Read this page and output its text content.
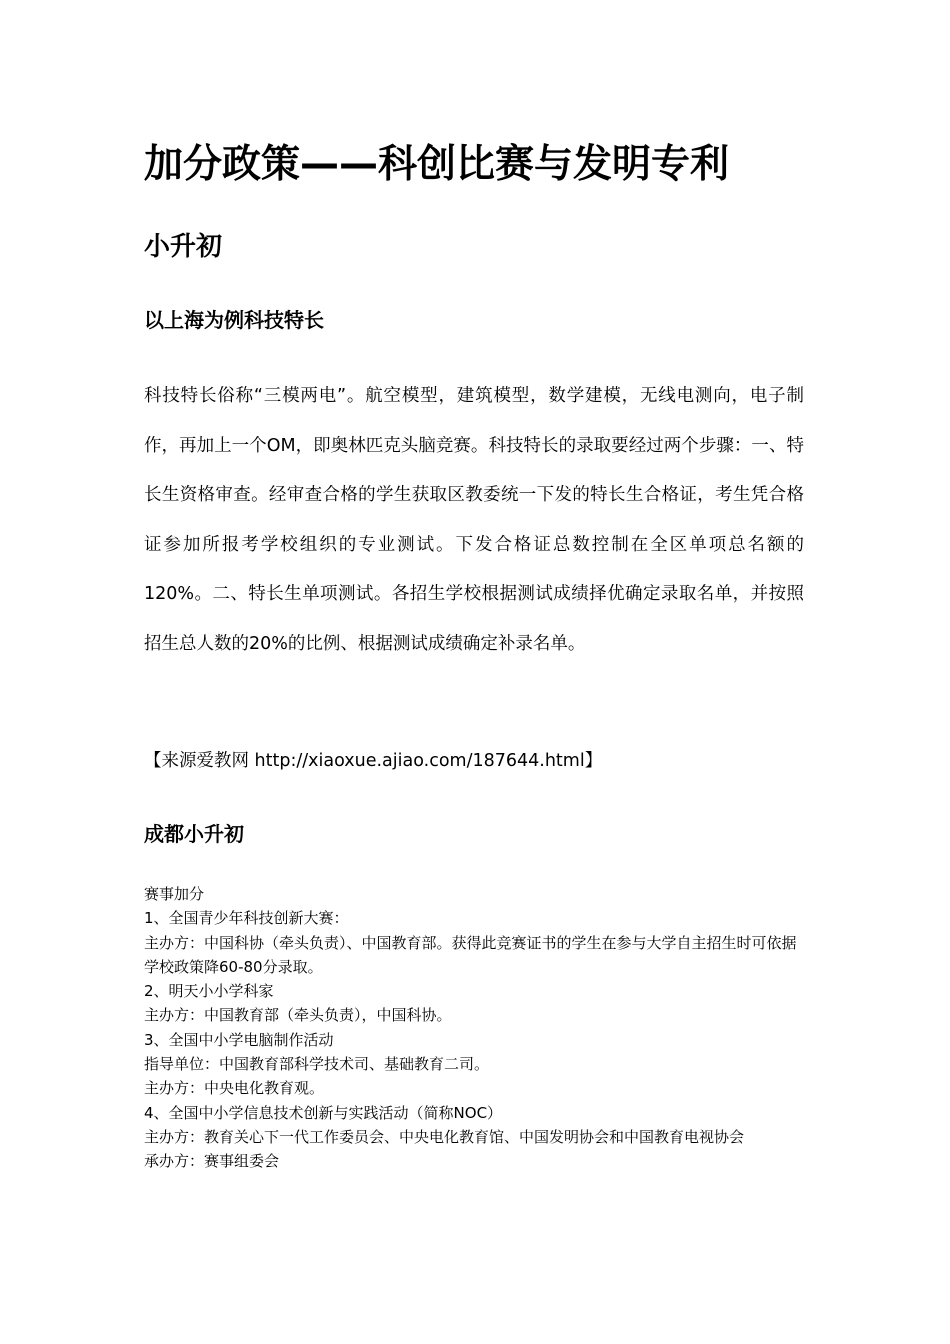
加分政策——科创比赛与发明专利
小升初
以上海为例科技特长

科技特长俗称“三模两电”。航空模型，建筑模型，数学建模，无线电测向，电子制作，再加上一个OM，即奥林匹克头脑竞赛。科技特长的录取要经过两个步骤：一、特长生资格审查。经审查合格的学生获取区教委统一下发的特长生合格证，考生凭合格证参加所报考学校组织的专业测试。下发合格证总数控制在全区单项总名额的120%。二、特长生单项测试。各招生学校根据测试成绩择优确定录取名单，并按照招生总人数的20%的比例、根据测试成绩确定补录名单。

【来源爱教网 http://xiaoxue.ajiao.com/187644.html】

成都小升初
赛事加分
1、全国青少年科技创新大赛：
主办方：中国科协（牵头负责）、中国教育部。获得此竞赛证书的学生在参与大学自主招生时可依据学校政策降60-80分录取。
2、明天小小学科家
主办方：中国教育部（牵头负责），中国科协。
3、全国中小学电脑制作活动
指导单位：中国教育部科学技术司、基础教育二司。
主办方：中央电化教育观。
4、全国中小学信息技术创新与实践活动（简称NOC）
主办方：教育关心下一代工作委员会、中央电化教育馆、中国发明协会和中国教育电视协会
承办方：赛事组委会
